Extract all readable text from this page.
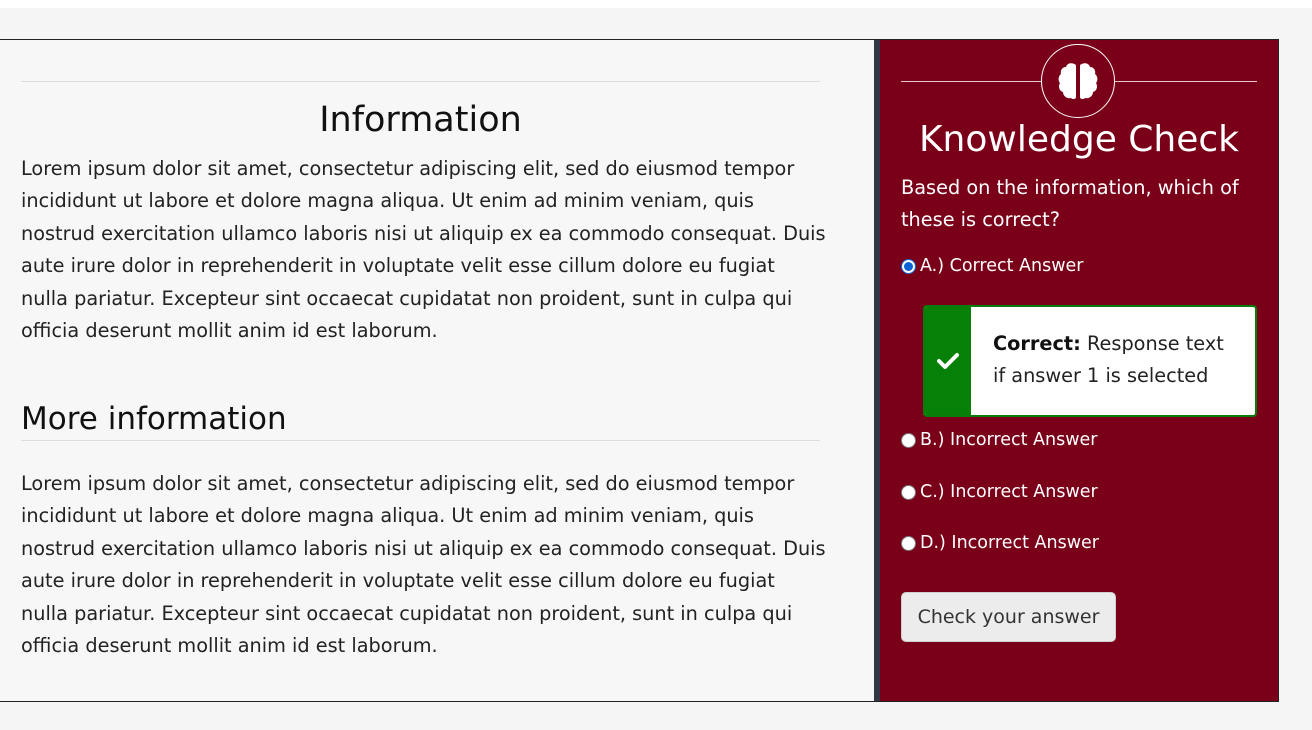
Information

Lorem ipsum dolor sit amet, consectetur adipiscing elit, sed do eiusmod tempor incididunt ut labore et dolore magna aliqua. Ut enim ad minim veniam, quis nostrud exercitation ullamco laboris nisi ut aliquip ex ea commodo consequat. Duis aute irure dolor in reprehenderit in voluptate velit esse cillum dolore eu fugiat nulla pariatur. Excepteur sint occaecat cupidatat non proident, sunt in culpa qui officia deserunt mollit anim id est laborum.

More information

Lorem ipsum dolor sit amet, consectetur adipiscing elit, sed do eiusmod tempor incididunt ut labore et dolore magna aliqua. Ut enim ad minim veniam, quis nostrud exercitation ullamco laboris nisi ut aliquip ex ea commodo consequat. Duis aute irure dolor in reprehenderit in voluptate velit esse cillum dolore eu fugiat nulla pariatur. Excepteur sint occaecat cupidatat non proident, sunt in culpa qui officia deserunt mollit anim id est laborum.

Knowledge Check

Based on the information, which of these is correct?

A.) Correct Answer
Correct: Response text if answer 1 is selected
B.) Incorrect Answer
C.) Incorrect Answer
D.) Incorrect Answer
Check your answer
